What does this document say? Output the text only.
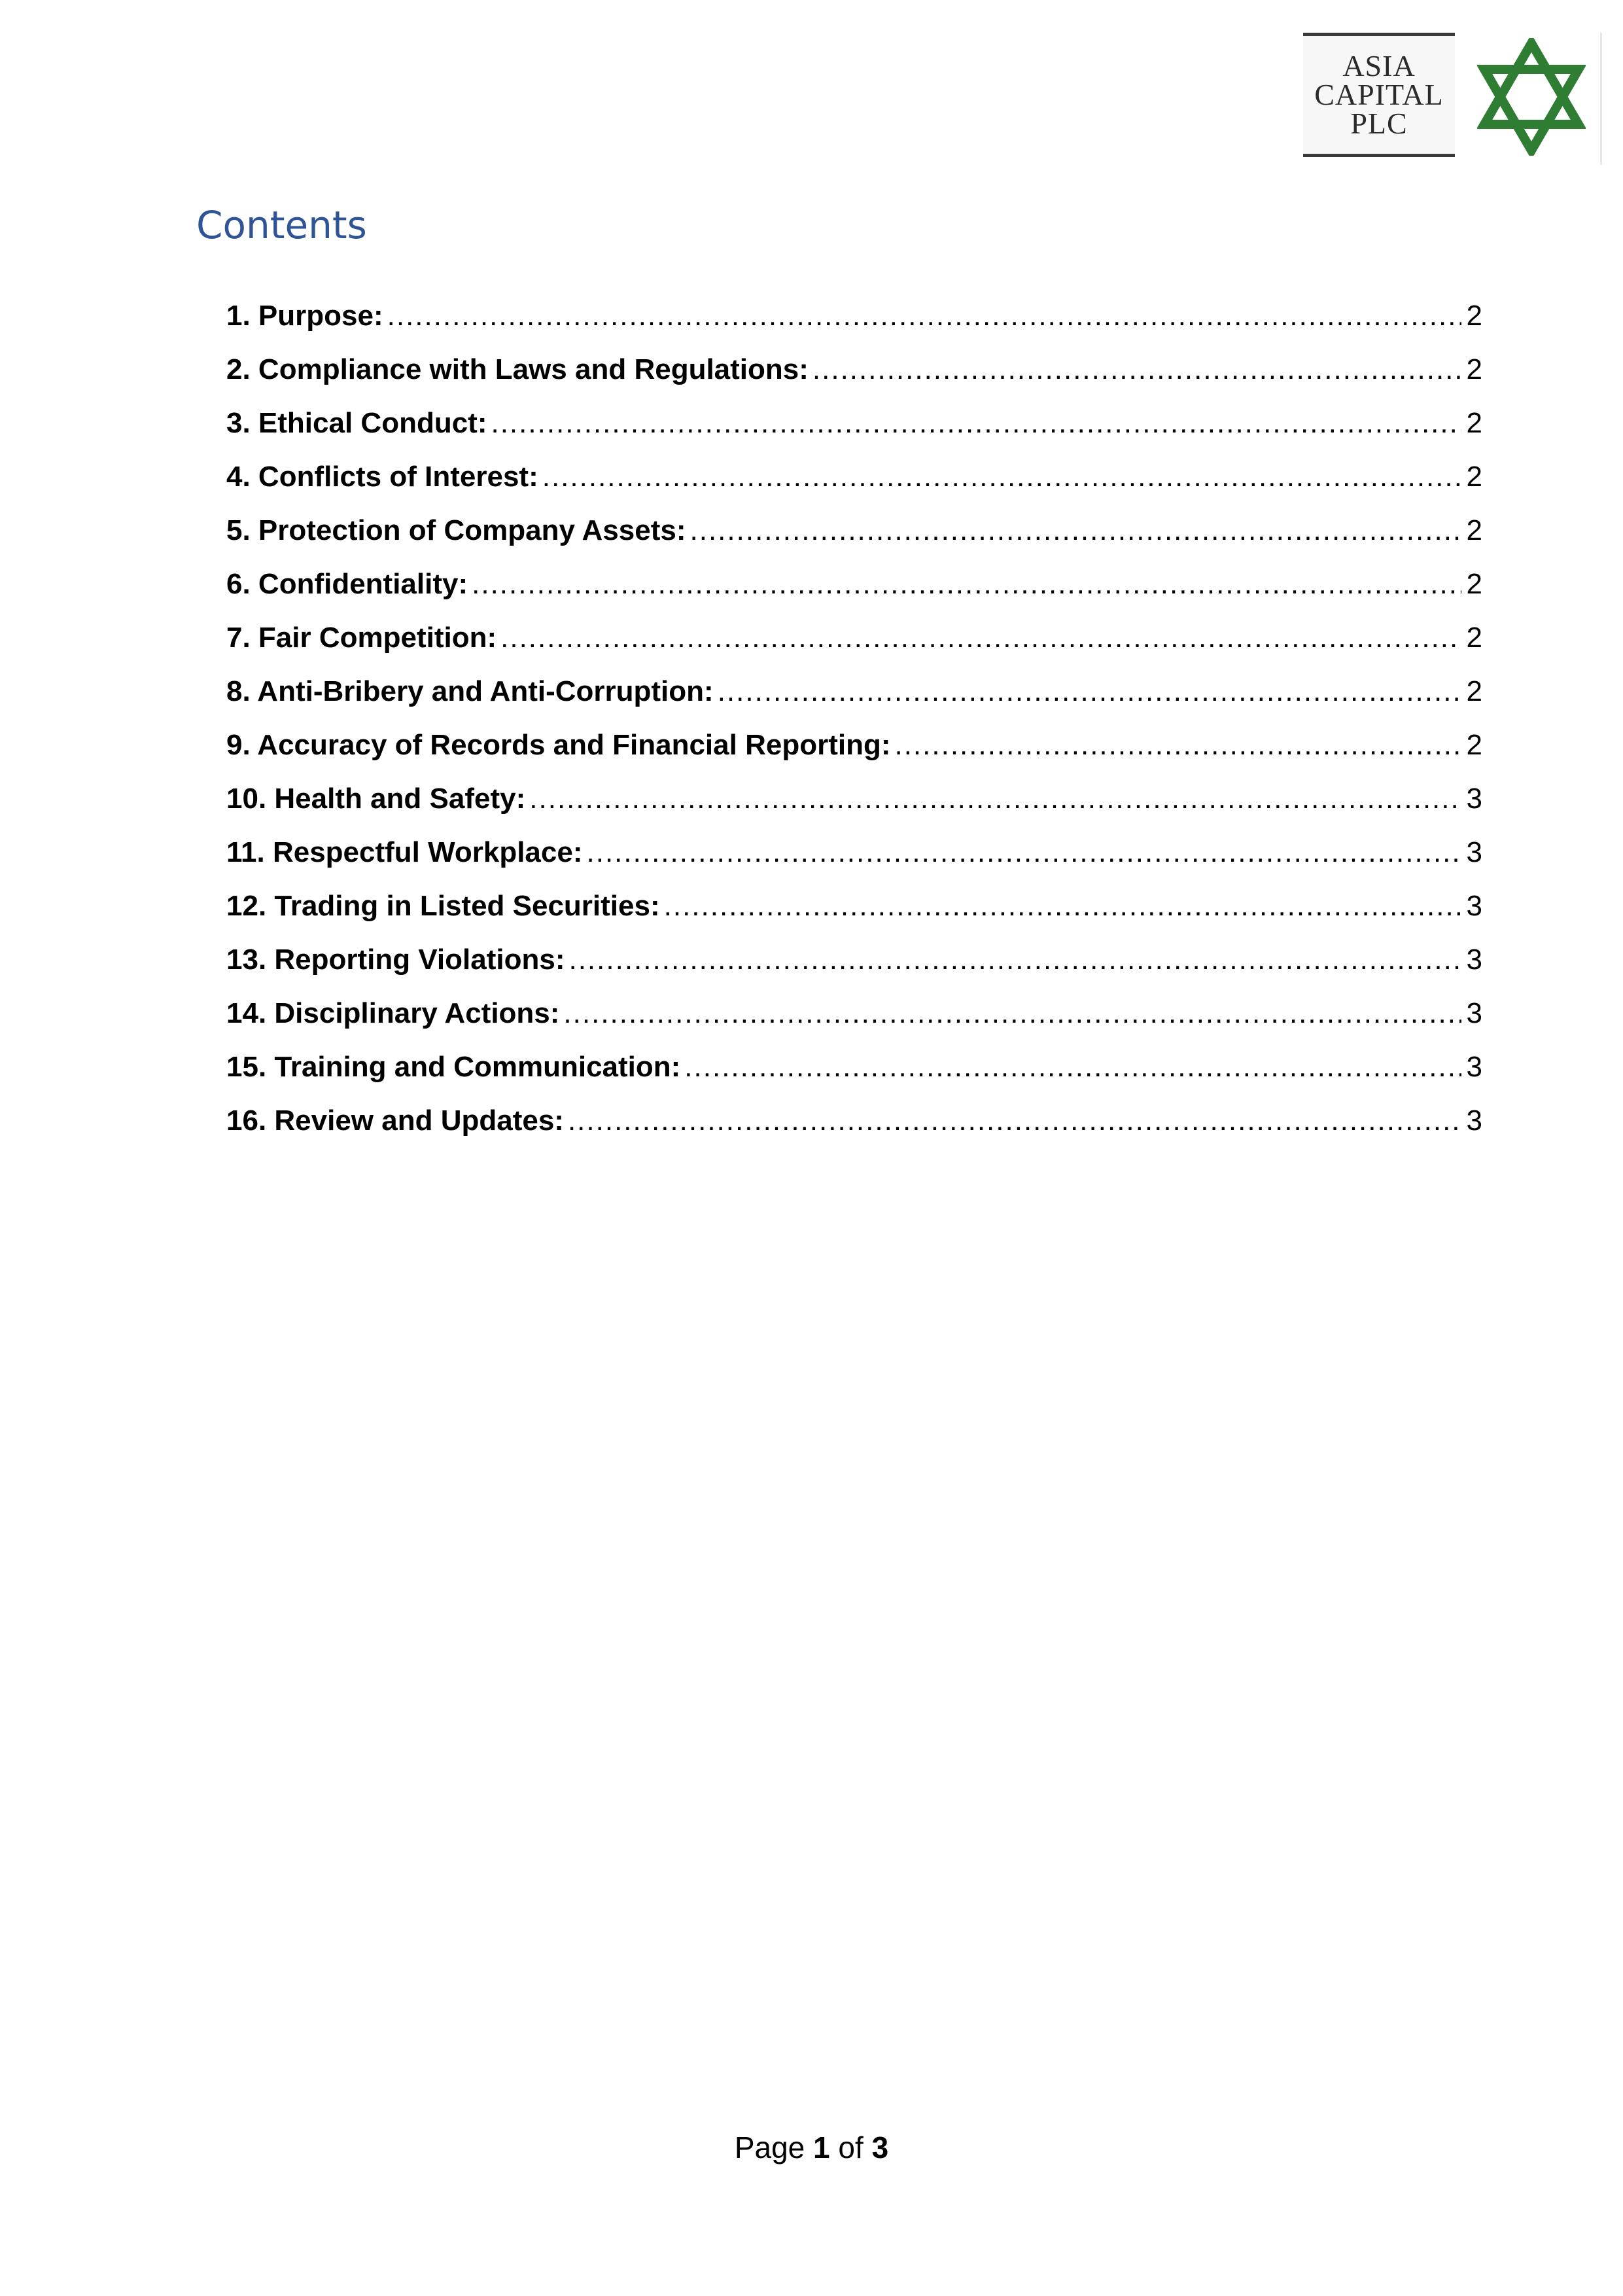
ASIA
CAPITAL
PLC
Contents
1. Purpose: .....	2
2. Compliance with Laws and Regulations: .....	2
3. Ethical Conduct: .....	2
4. Conflicts of Interest: .....	2
5. Protection of Company Assets: .....	2
6. Confidentiality: .....	2
7. Fair Competition: .....	2
8. Anti-Bribery and Anti-Corruption: .....	2
9. Accuracy of Records and Financial Reporting: .....	2
10. Health and Safety: .....	3
11. Respectful Workplace: .....	3
12. Trading in Listed Securities: .....	3
13. Reporting Violations: .....	3
14. Disciplinary Actions: .....	3
15. Training and Communication: .....	3
16. Review and Updates: .....	3
Page 1 of 3
